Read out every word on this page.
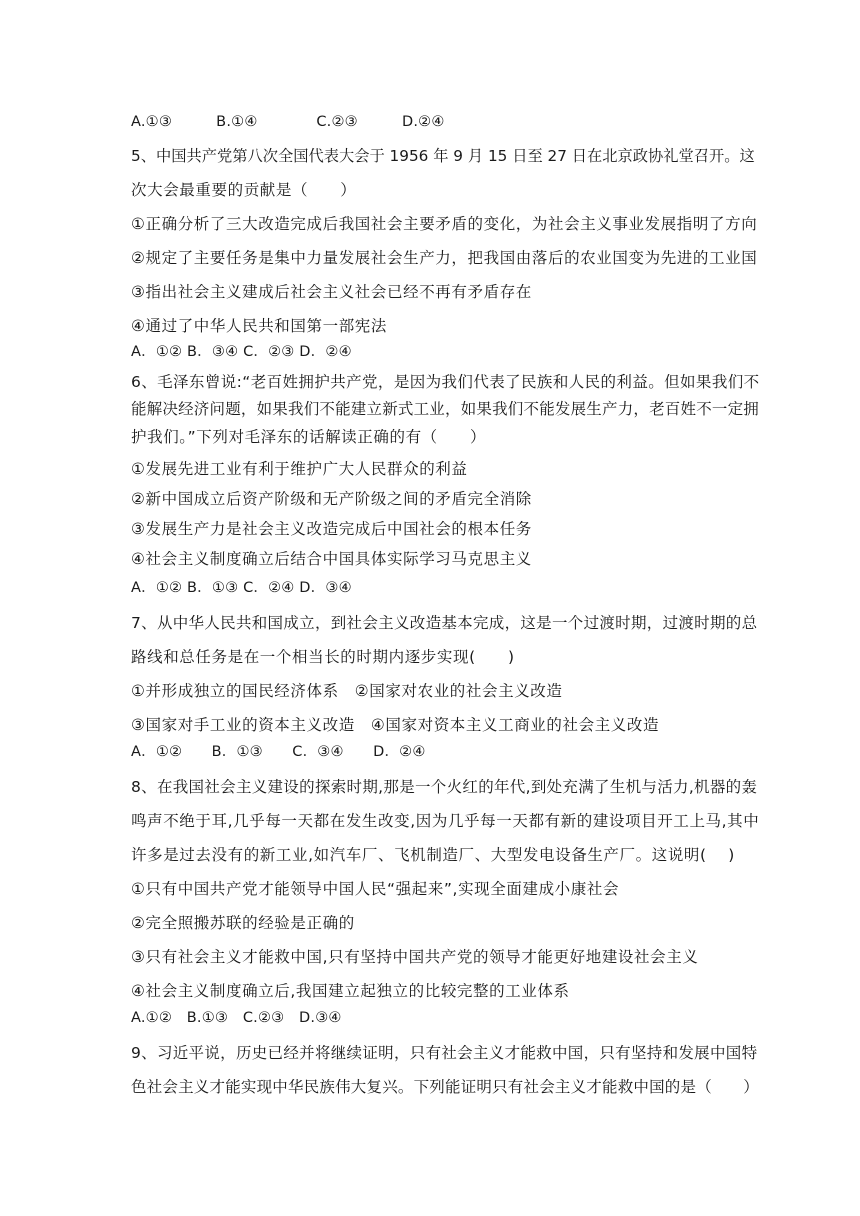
A.①③　　　B.①④　　　　C.②③　　　D.②④
5、中国共产党第八次全国代表大会于 1956 年 9 月 15 日至 27 日在北京政协礼堂召开。这
次大会最重要的贡献是（　　）
①正确分析了三大改造完成后我国社会主要矛盾的变化，为社会主义事业发展指明了方向
②规定了主要任务是集中力量发展社会生产力，把我国由落后的农业国变为先进的工业国
③指出社会主义建成后社会主义社会已经不再有矛盾存在
④通过了中华人民共和国第一部宪法
A．①② B．③④ C．②③ D．②④
6、毛泽东曾说:“老百姓拥护共产党，是因为我们代表了民族和人民的利益。但如果我们不
能解决经济问题，如果我们不能建立新式工业，如果我们不能发展生产力，老百姓不一定拥
护我们。”下列对毛泽东的话解读正确的有（　　）
①发展先进工业有利于维护广大人民群众的利益
②新中国成立后资产阶级和无产阶级之间的矛盾完全消除
③发展生产力是社会主义改造完成后中国社会的根本任务
④社会主义制度确立后结合中国具体实际学习马克思主义
A．①② B．①③ C．②④ D．③④
7、从中华人民共和国成立，到社会主义改造基本完成，这是一个过渡时期，过渡时期的总
路线和总任务是在一个相当长的时期内逐步实现(　　)
①并形成独立的国民经济体系　②国家对农业的社会主义改造
③国家对手工业的资本主义改造　④国家对资本主义工商业的社会主义改造
A．①②　　B．①③　　C．③④　　D．②④
8、在我国社会主义建设的探索时期,那是一个火红的年代,到处充满了生机与活力,机器的轰
鸣声不绝于耳,几乎每一天都在发生改变,因为几乎每一天都有新的建设项目开工上马,其中
许多是过去没有的新工业,如汽车厂、飞机制造厂、大型发电设备生产厂。这说明(　 )
①只有中国共产党才能领导中国人民“强起来”,实现全面建成小康社会
②完全照搬苏联的经验是正确的
③只有社会主义才能救中国,只有坚持中国共产党的领导才能更好地建设社会主义
④社会主义制度确立后,我国建立起独立的比较完整的工业体系
A.①②　B.①③　C.②③　D.③④
9、习近平说，历史已经并将继续证明，只有社会主义才能救中国，只有坚持和发展中国特
色社会主义才能实现中华民族伟大复兴。下列能证明只有社会主义才能救中国的是（　　）
